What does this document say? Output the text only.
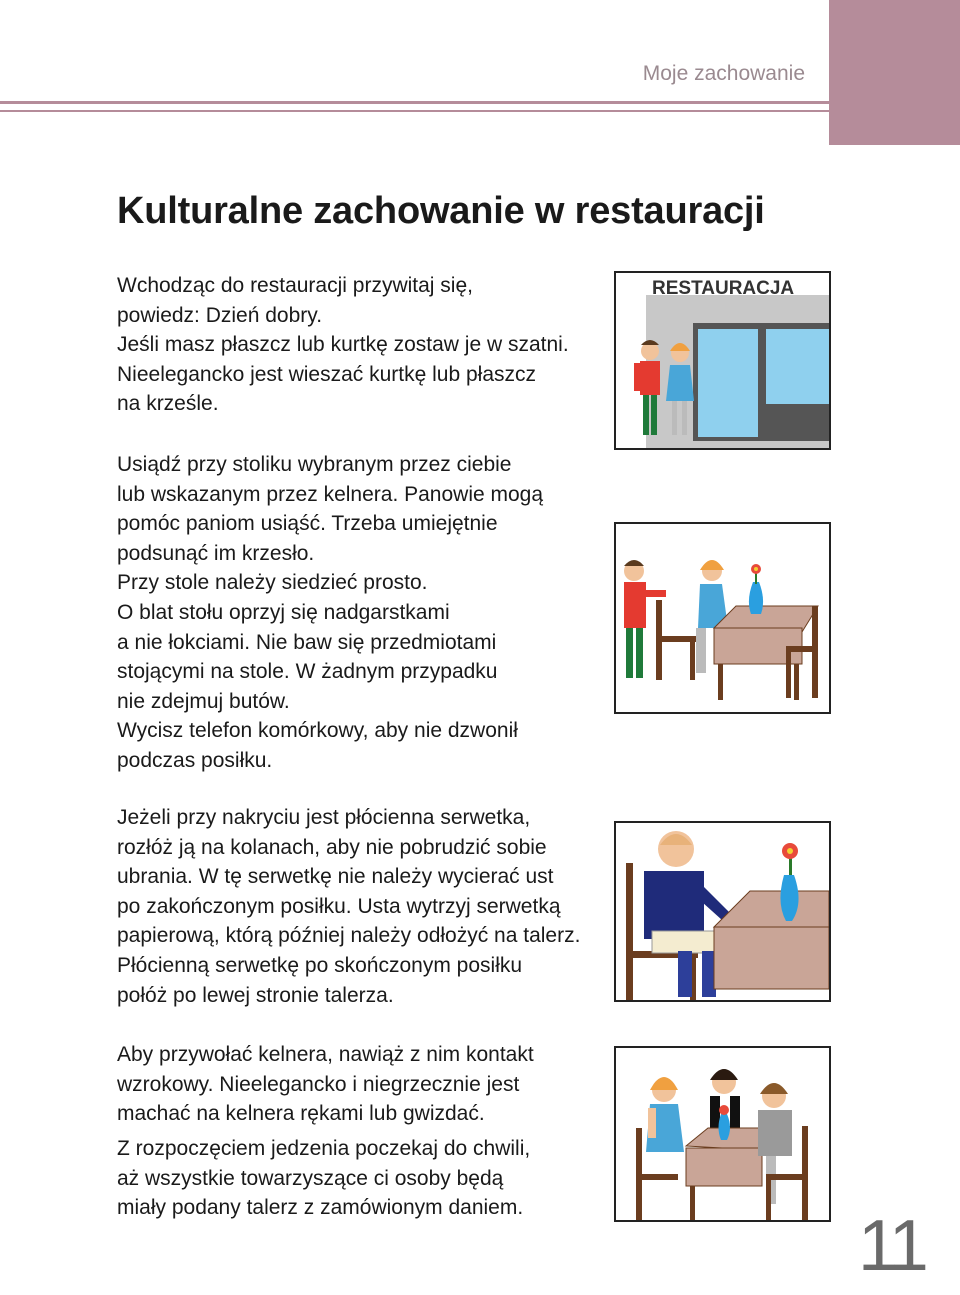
Moje zachowanie
Kulturalne zachowanie w restauracji
Wchodząc do restauracji przywitaj się,
powiedz: Dzień dobry.
Jeśli masz płaszcz lub kurtkę zostaw je w szatni.
Nieelegancko jest wieszać kurtkę lub płaszcz
na krześle.
Usiądź przy stoliku wybranym przez ciebie
lub wskazanym przez kelnera. Panowie mogą
pomóc paniom usiąść. Trzeba umiejętnie
podsunąć im krzesło.
Przy stole należy siedzieć prosto.
O blat stołu oprzyj się nadgarstkami
a nie łokciami. Nie baw się przedmiotami
stojącymi na stole. W żadnym przypadku
nie zdejmuj butów.
Wycisz telefon komórkowy, aby nie dzwonił
podczas posiłku.
Jeżeli przy nakryciu jest płócienna serwetka,
rozłóż ją na kolanach, aby nie pobrudzić sobie
ubrania. W tę serwetkę nie należy wycierać ust
po zakończonym posiłku. Usta wytrzyj serwetką
papierową, którą później należy odłożyć na talerz.
Płócienną serwetkę po skończonym posiłku
połóż po lewej stronie talerza.
Aby przywołać kelnera, nawiąż z nim kontakt
wzrokowy. Nieelegancko i niegrzecznie jest
machać na kelnera rękami lub gwizdać.
Z rozpoczęciem jedzenia poczekaj do chwili,
aż wszystkie towarzyszące ci osoby będą
miały podany talerz z zamówionym daniem.
RESTAURACJA
11
